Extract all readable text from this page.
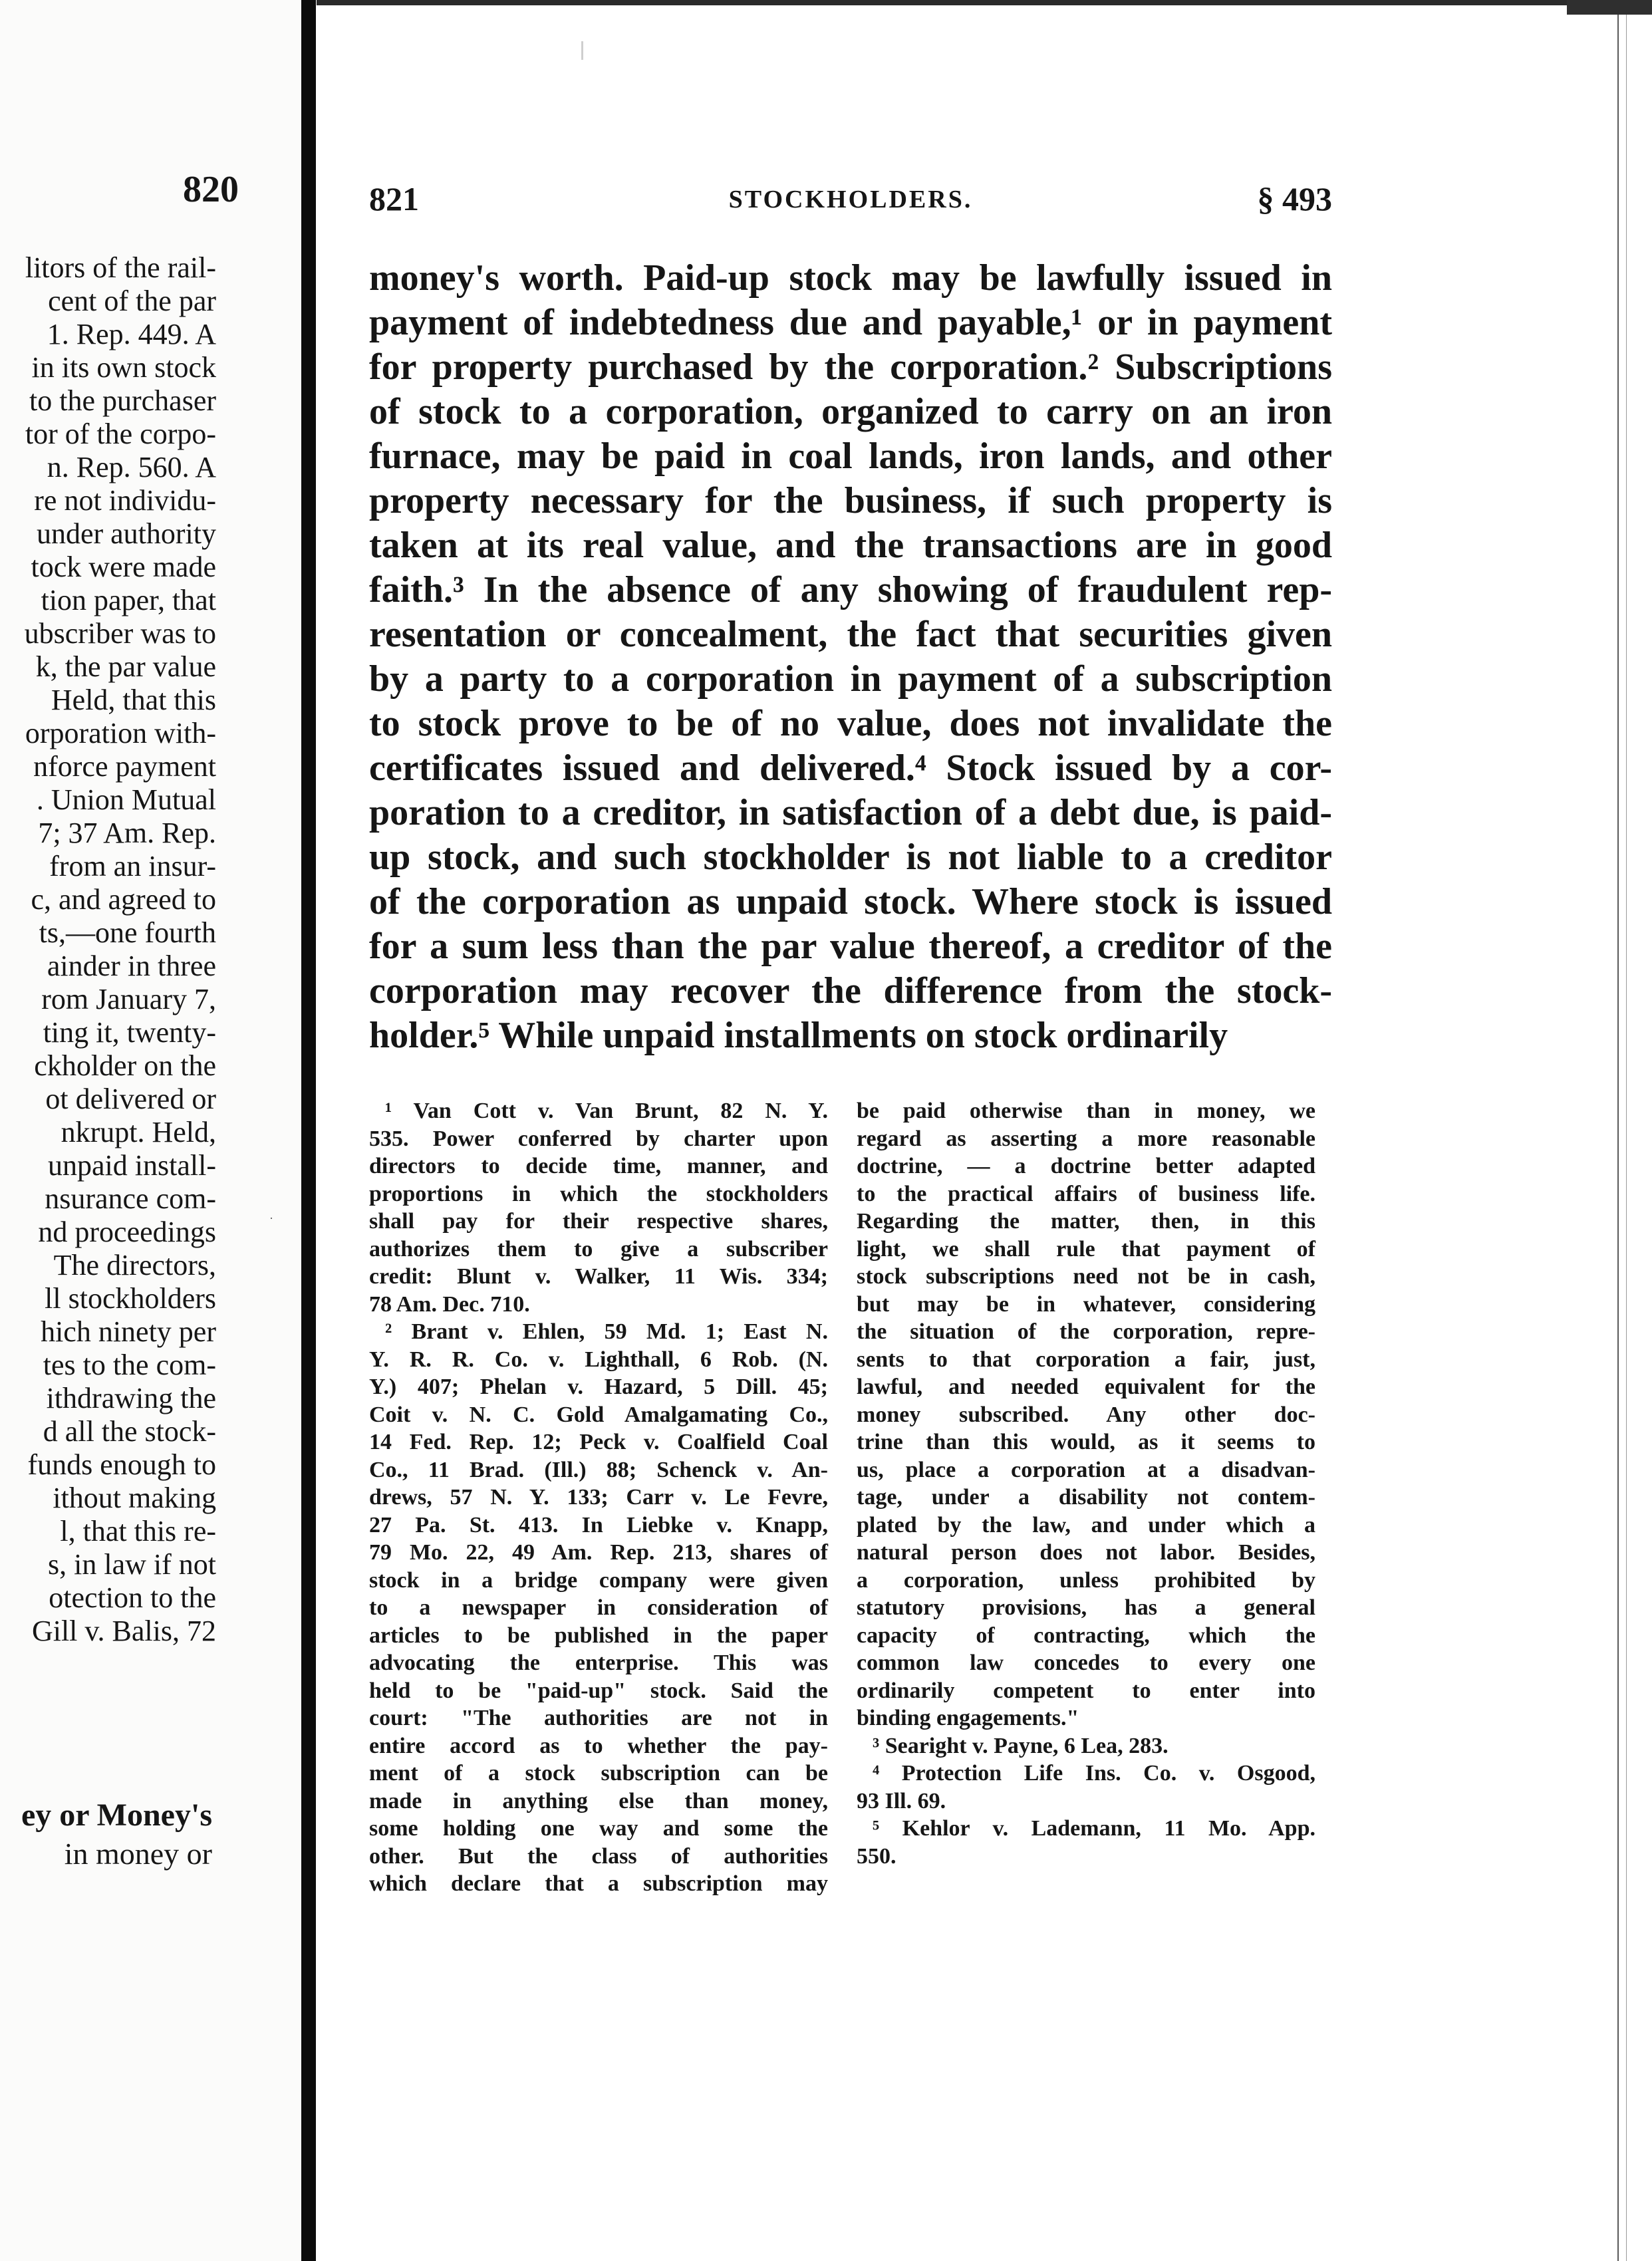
820
litors of the rail-
cent of the par
1. Rep. 449. A
in its own stock
to the purchaser
tor of the corpo-
n. Rep. 560. A
re not individu-
under authority
tock were made
tion paper, that
ubscriber was to
k, the par value
Held, that this
orporation with-
nforce payment
. Union Mutual
7; 37 Am. Rep.
from an insur-
c, and agreed to
ts,—one fourth
ainder in three
rom January 7,
ting it, twenty-
ckholder on the
ot delivered or
nkrupt. Held,
unpaid install-
nsurance com-
nd proceedings
The directors,
ll stockholders
hich ninety per
tes to the com-
ithdrawing the
d all the stock-
funds enough to
ithout making
l, that this re-
s, in law if not
otection to the
Gill v. Balis, 72
ey or Money's
in money or
·
821	STOCKHOLDERS.	§ 493
money's worth. Paid-up stock may be lawfully issued in
payment of indebtedness due and payable,¹ or in payment
for property purchased by the corporation.² Subscriptions
of stock to a corporation, organized to carry on an iron
furnace, may be paid in coal lands, iron lands, and other
property necessary for the business, if such property is
taken at its real value, and the transactions are in good
faith.³ In the absence of any showing of fraudulent rep-
resentation or concealment, the fact that securities given
by a party to a corporation in payment of a subscription
to stock prove to be of no value, does not invalidate the
certificates issued and delivered.⁴ Stock issued by a cor-
poration to a creditor, in satisfaction of a debt due, is paid-
up stock, and such stockholder is not liable to a creditor
of the corporation as unpaid stock. Where stock is issued
for a sum less than the par value thereof, a creditor of the
corporation may recover the difference from the stock-
holder.⁵ While unpaid installments on stock ordinarily
¹ Van Cott v. Van Brunt, 82 N. Y.
535. Power conferred by charter upon
directors to decide time, manner, and
proportions in which the stockholders
shall pay for their respective shares,
authorizes them to give a subscriber
credit: Blunt v. Walker, 11 Wis. 334;
78 Am. Dec. 710.
² Brant v. Ehlen, 59 Md. 1; East N.
Y. R. R. Co. v. Lighthall, 6 Rob. (N.
Y.) 407; Phelan v. Hazard, 5 Dill. 45;
Coit v. N. C. Gold Amalgamating Co.,
14 Fed. Rep. 12; Peck v. Coalfield Coal
Co., 11 Brad. (Ill.) 88; Schenck v. An-
drews, 57 N. Y. 133; Carr v. Le Fevre,
27 Pa. St. 413. In Liebke v. Knapp,
79 Mo. 22, 49 Am. Rep. 213, shares of
stock in a bridge company were given
to a newspaper in consideration of
articles to be published in the paper
advocating the enterprise. This was
held to be "paid-up" stock. Said the
court: "The authorities are not in
entire accord as to whether the pay-
ment of a stock subscription can be
made in anything else than money,
some holding one way and some the
other. But the class of authorities
which declare that a subscription may
be paid otherwise than in money, we
regard as asserting a more reasonable
doctrine, — a doctrine better adapted
to the practical affairs of business life.
Regarding the matter, then, in this
light, we shall rule that payment of
stock subscriptions need not be in cash,
but may be in whatever, considering
the situation of the corporation, repre-
sents to that corporation a fair, just,
lawful, and needed equivalent for the
money subscribed. Any other doc-
trine than this would, as it seems to
us, place a corporation at a disadvan-
tage, under a disability not contem-
plated by the law, and under which a
natural person does not labor. Besides,
a corporation, unless prohibited by
statutory provisions, has a general
capacity of contracting, which the
common law concedes to every one
ordinarily competent to enter into
binding engagements."
³ Searight v. Payne, 6 Lea, 283.
⁴ Protection Life Ins. Co. v. Osgood,
93 Ill. 69.
⁵ Kehlor v. Lademann, 11 Mo. App.
550.
